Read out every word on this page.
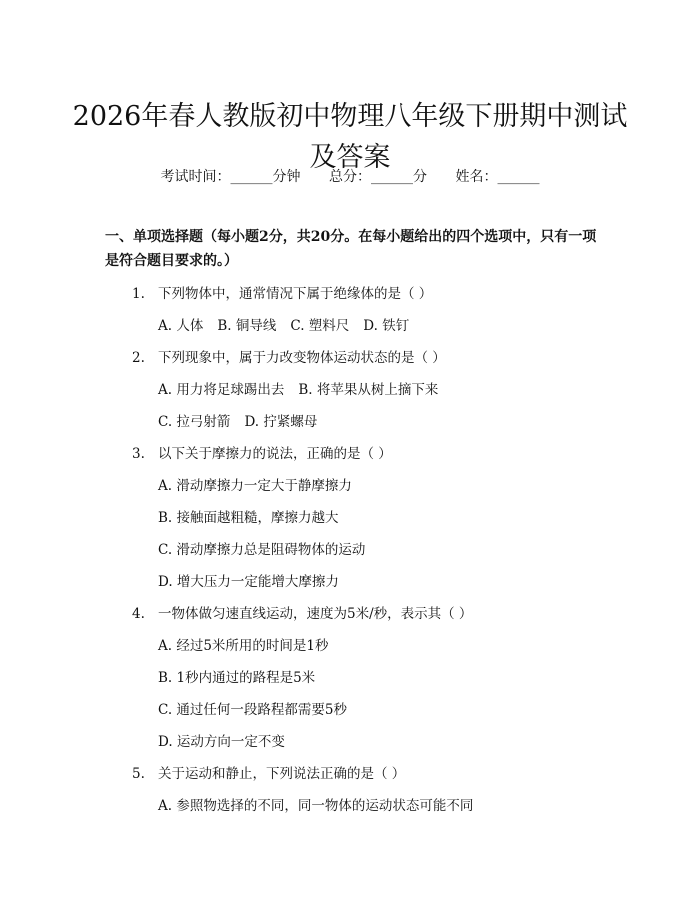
2026年春人教版初中物理八年级下册期中测试及答案
考试时间：______分钟 总分：______分 姓名：______

一、单项选择题（每小题2分，共20分。在每小题给出的四个选项中，只有一项是符合题目要求的。）

1. 下列物体中，通常情况下属于绝缘体的是（ ）
A. 人体 B. 铜导线 C. 塑料尺 D. 铁钉
2. 下列现象中，属于力改变物体运动状态的是（ ）
A. 用力将足球踢出去 B. 将苹果从树上摘下来
C. 拉弓射箭 D. 拧紧螺母
3. 以下关于摩擦力的说法，正确的是（ ）
A. 滑动摩擦力一定大于静摩擦力
B. 接触面越粗糙，摩擦力越大
C. 滑动摩擦力总是阻碍物体的运动
D. 增大压力一定能增大摩擦力
4. 一物体做匀速直线运动，速度为5米/秒，表示其（ ）
A. 经过5米所用的时间是1秒
B. 1秒内通过的路程是5米
C. 通过任何一段路程都需要5秒
D. 运动方向一定不变
5. 关于运动和静止，下列说法正确的是（ ）
A. 参照物选择的不同，同一物体的运动状态可能不同
